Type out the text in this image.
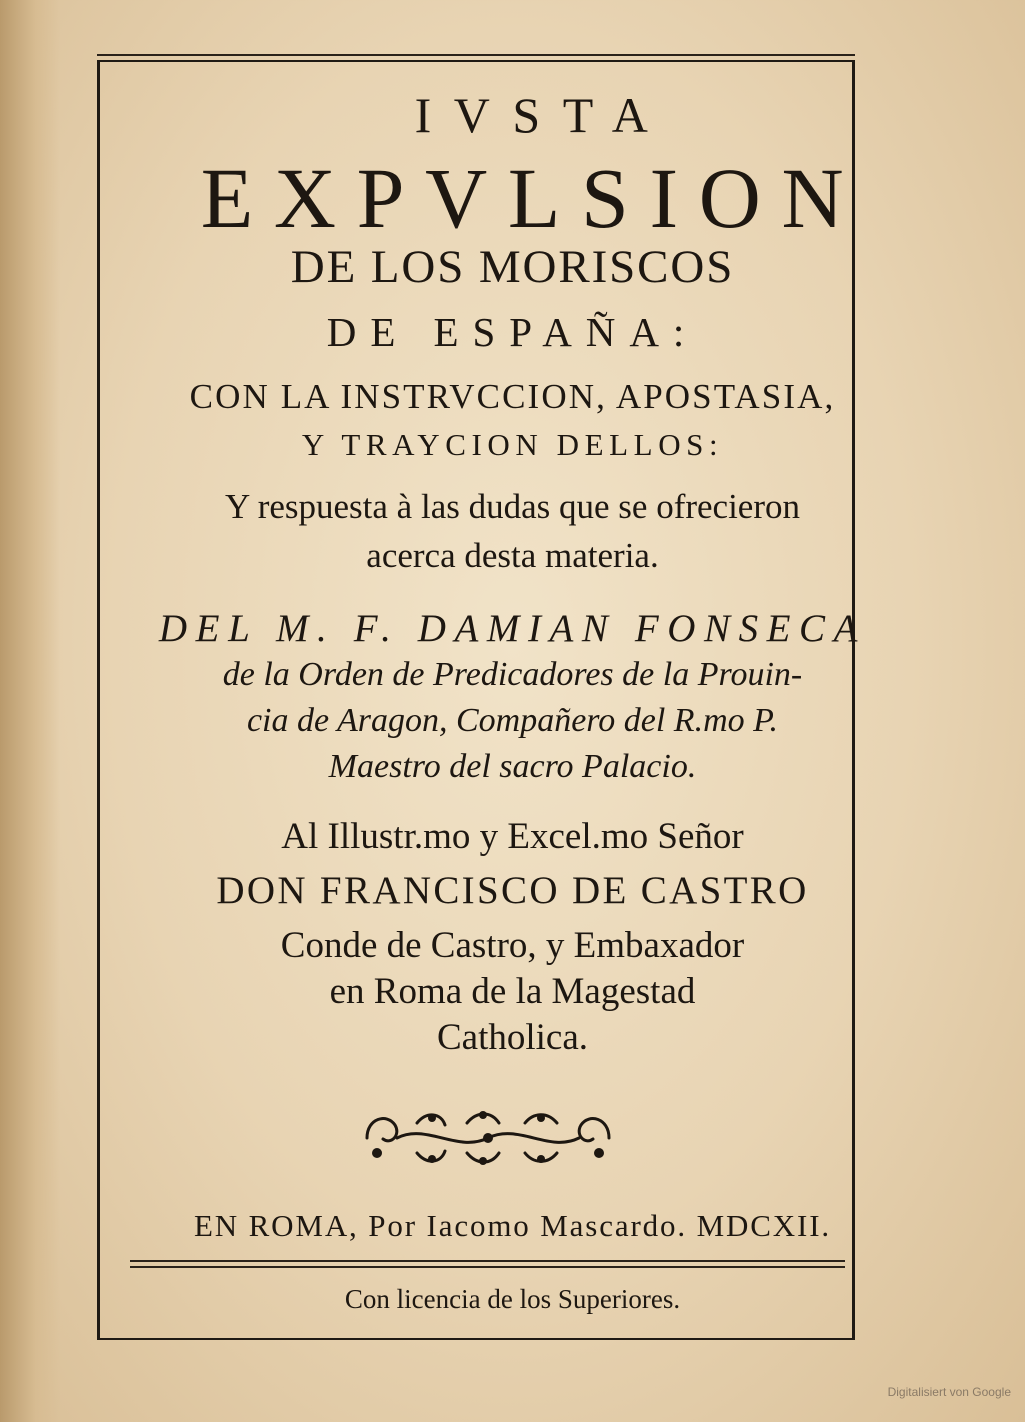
IVSTA

EXPVLSION

DE LOS MORISCOS

DE ESPAÑA:

CON LA INSTRVCCION, APOSTASIA,

Y TRAYCION DELLOS:

Y respuesta à las dudas que se ofrecieron

acerca desta materia.

DEL M. F. DAMIAN FONSECA

de la Orden de Predicadores de la Prouin-

cia de Aragon, Compañero del R.mo P.

Maestro del sacro Palacio.

Al Illustr.mo y Excel.mo Señor

DON FRANCISCO DE CASTRO

Conde de Castro, y Embaxador

en Roma de la Magestad

Catholica.

EN ROMA, Por Iacomo Mascardo. MDCXII.

Con licencia de los Superiores.

Digitalisiert von Google
